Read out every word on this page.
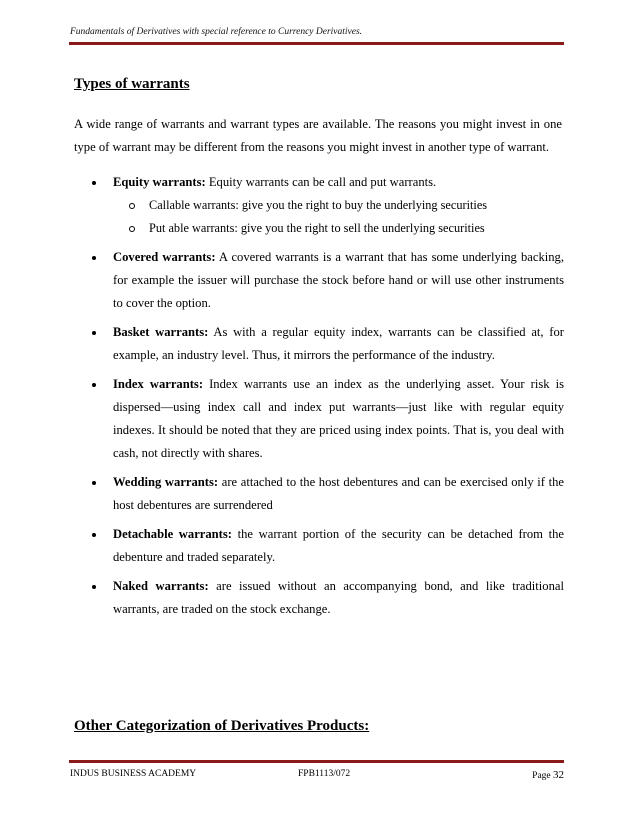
Fundamentals of Derivatives with special reference to Currency Derivatives.
Types of warrants

A wide range of warrants and warrant types are available. The reasons you might invest in one type of warrant may be different from the reasons you might invest in another type of warrant.

Equity warrants: Equity warrants can be call and put warrants.
Callable warrants: give you the right to buy the underlying securities
Put able warrants: give you the right to sell the underlying securities
Covered warrants: A covered warrants is a warrant that has some underlying backing, for example the issuer will purchase the stock before hand or will use other instruments to cover the option.
Basket warrants: As with a regular equity index, warrants can be classified at, for example, an industry level. Thus, it mirrors the performance of the industry.
Index warrants: Index warrants use an index as the underlying asset. Your risk is dispersed—using index call and index put warrants—just like with regular equity indexes. It should be noted that they are priced using index points. That is, you deal with cash, not directly with shares.
Wedding warrants: are attached to the host debentures and can be exercised only if the host debentures are surrendered
Detachable warrants: the warrant portion of the security can be detached from the debenture and traded separately.
Naked warrants: are issued without an accompanying bond, and like traditional warrants, are traded on the stock exchange.
Other Categorization of Derivatives Products:
INDUS BUSINESS ACADEMY	FPB1113/072	Page 32
